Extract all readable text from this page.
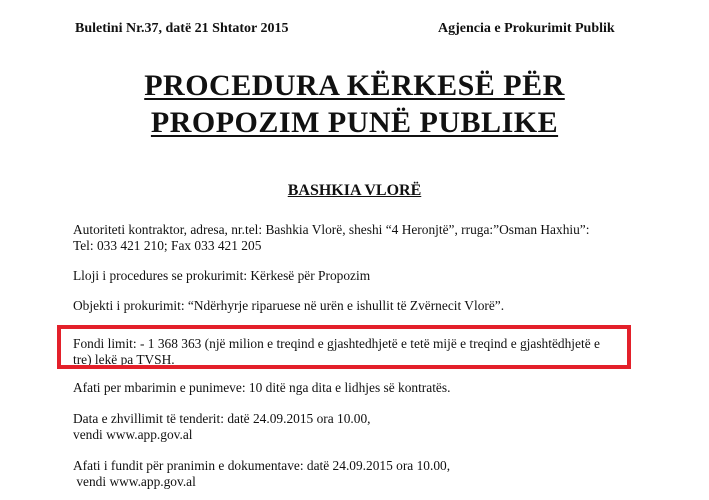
Buletini Nr.37, datë 21 Shtator 2015	Agjencia e Prokurimit Publik
PROCEDURA KËRKESË PËR
PROPOZIM PUNË PUBLIKE
BASHKIA VLORË
Autoriteti kontraktor, adresa, nr.tel: Bashkia Vlorë, sheshi “4 Heronjtë”, rruga:”Osman Haxhiu”:
Tel: 033 421 210; Fax 033 421 205
Lloji i procedures se prokurimit: Kërkesë për Propozim
Objekti i prokurimit: “Ndërhyrje riparuese në urën e ishullit të Zvërnecit Vlorë”.
Fondi limit: - 1 368 363 (një milion e treqind e gjashtedhjetë e tetë mijë e treqind e gjashtëdhjetë e
tre) lekë pa TVSH.
Afati per mbarimin e punimeve: 10 ditë nga dita e lidhjes së kontratës.
Data e zhvillimit të tenderit: datë 24.09.2015 ora 10.00,
vendi www.app.gov.al
Afati i fundit për pranimin e dokumentave: datë 24.09.2015 ora 10.00,
vendi www.app.gov.al
